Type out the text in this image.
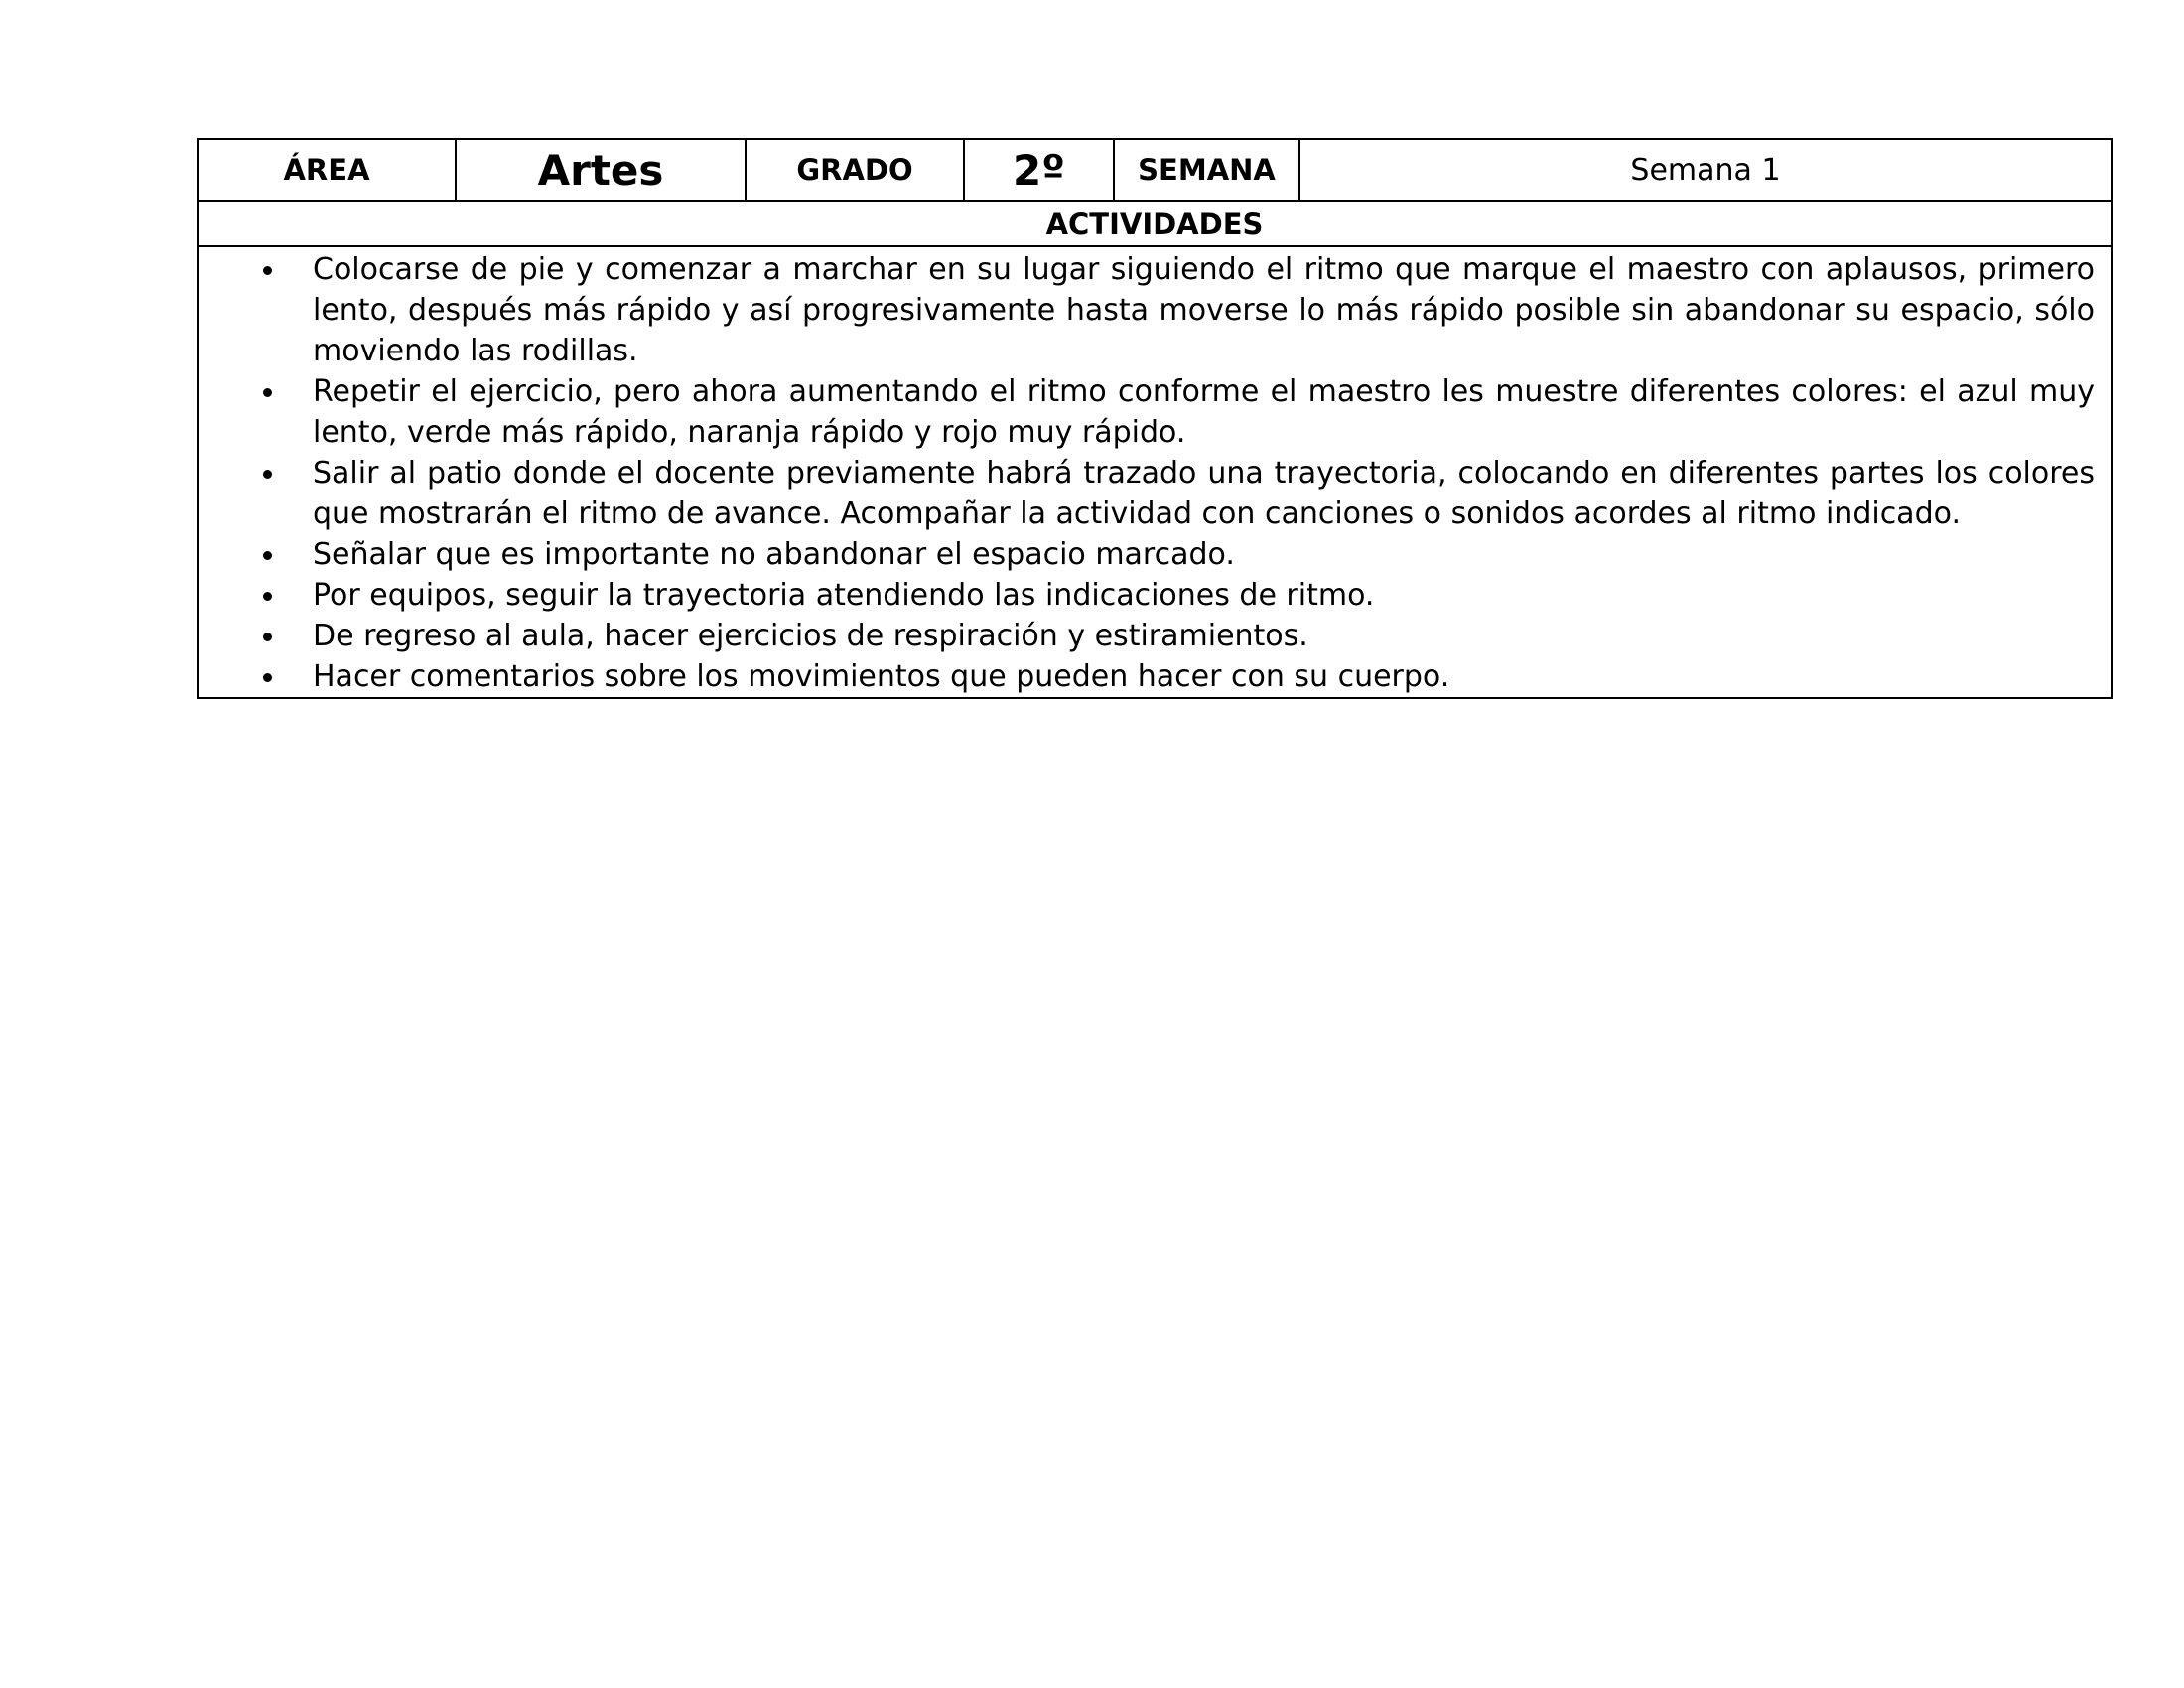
ÁREA	Artes	GRADO	2º	SEMANA	Semana 1
ACTIVIDADES
Colocarse de pie y comenzar a marchar en su lugar siguiendo el ritmo que marque el maestro con aplausos, primero lento, después más rápido y así progresivamente hasta moverse lo más rápido posible sin abandonar su espacio, sólo moviendo las rodillas.
Repetir el ejercicio, pero ahora aumentando el ritmo conforme el maestro les muestre diferentes colores: el azul muy lento, verde más rápido, naranja rápido y rojo muy rápido.
Salir al patio donde el docente previamente habrá trazado una trayectoria, colocando en diferentes partes los colores que mostrarán el ritmo de avance. Acompañar la actividad con canciones o sonidos acordes al ritmo indicado.
Señalar que es importante no abandonar el espacio marcado.
Por equipos, seguir la trayectoria atendiendo las indicaciones de ritmo.
De regreso al aula, hacer ejercicios de respiración y estiramientos.
Hacer comentarios sobre los movimientos que pueden hacer con su cuerpo.
